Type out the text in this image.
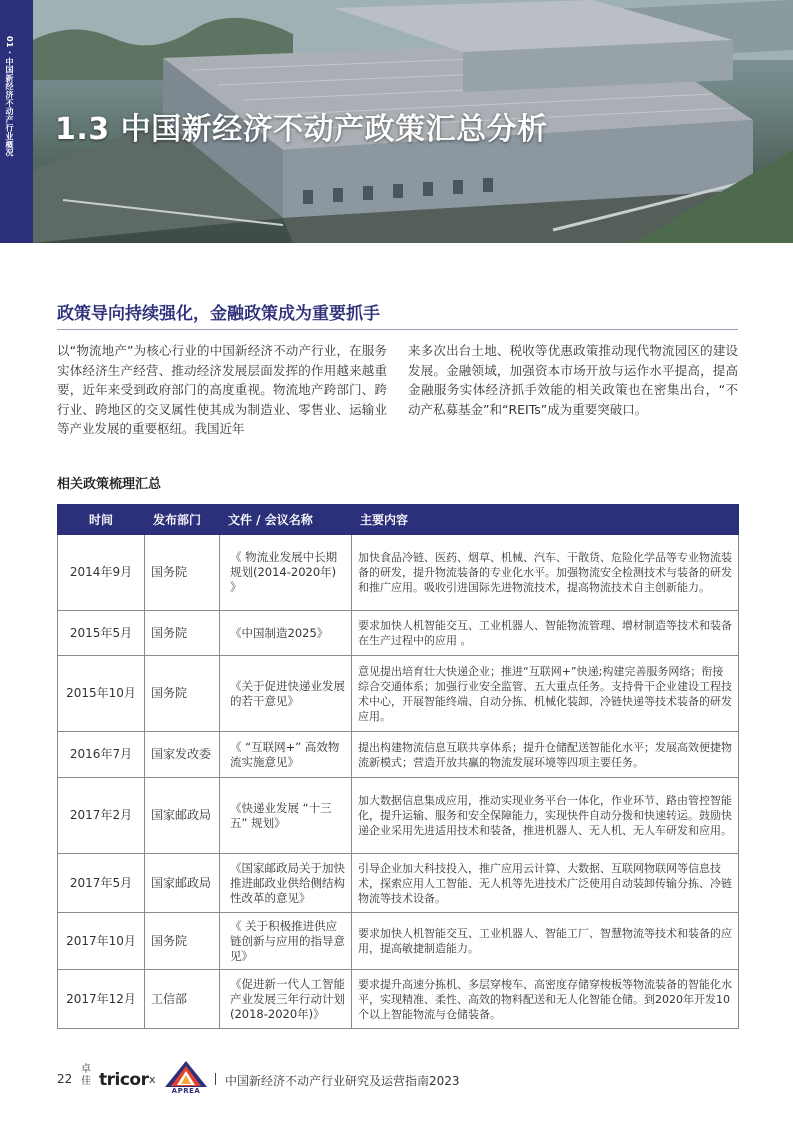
01 · 中国新经济不动产行业概况 1.3 中国新经济不动产政策汇总分析
政策导向持续强化，金融政策成为重要抓手
以“物流地产”为核心行业的中国新经济不动产行业，在服务实体经济生产经营、推动经济发展层面发挥的作用越来越重要，近年来受到政府部门的高度重视。物流地产跨部门、跨行业、跨地区的交叉属性使其成为制造业、零售业、运输业等产业发展的重要枢纽。我国近年
来多次出台土地、税收等优惠政策推动现代物流园区的建设发展。金融领域，加强资本市场开放与运作水平提高，提高金融服务实体经济抓手效能的相关政策也在密集出台，“不动产私募基金”和“REITs”成为重要突破口。
相关政策梳理汇总
时间	发布部门	文件 / 会议名称	主要内容
2014年9月	国务院	《 物流业发展中长期规划(2014-2020年) 》	加快食品冷链、医药、烟草、机械、汽车、干散货、危险化学品等专业物流装备的研发，提升物流装备的专业化水平。加强物流安全检测技术与装备的研发和推广应用。吸收引进国际先进物流技术，提高物流技术自主创新能力。
2015年5月	国务院	《中国制造2025》	要求加快人机智能交互、工业机器人、智能物流管理、增材制造等技术和装备在生产过程中的应用 。
2015年10月	国务院	《关于促进快递业发展的若干意见》	意见提出培育壮大快递企业；推进“互联网+”快递;构建完善服务网络；衔接综合交通体系；加强行业安全监管、五大重点任务。支持骨干企业建设工程技术中心，开展智能终端、自动分拣、机械化装卸、冷链快递等技术装备的研发应用。
2016年7月	国家发改委	《 “互联网+” 高效物流实施意见》	提出构建物流信息互联共享体系；提升仓储配送智能化水平；发展高效便捷物流新模式；营造开放共赢的物流发展环境等四项主要任务。
2017年2月	国家邮政局	《快递业发展 “十三五” 规划》	加大数据信息集成应用，推动实现业务平台一体化，作业环节、路由管控智能化，提升运输、服务和安全保障能力，实现快件自动分拨和快速转运。鼓励快递企业采用先进适用技术和装备，推进机器人、无人机、无人车研发和应用。
2017年5月	国家邮政局	《国家邮政局关于加快推进邮政业供给侧结构性改革的意见》	引导企业加大科技投入，推广应用云计算、大数据、互联网物联网等信息技术，探索应用人工智能、无人机等先进技术广泛使用自动装卸传输分拣、冷链物流等技术设备。
2017年10月	国务院	《 关于积极推进供应链创新与应用的指导意见》	要求加快人机智能交互、工业机器人、智能工厂、智慧物流等技术和装备的应用，提高敏捷制造能力。
2017年12月	工信部	《促进新一代人工智能产业发展三年行动计划(2018-2020年)》	要求提升高速分拣机、多层穿梭车、高密度存储穿梭板等物流装备的智能化水平，实现精准、柔性、高效的物料配送和无人化智能仓储。到2020年开发10个以上智能物流与仓储装备。
22
卓佳 tricor x
APREA
中国新经济不动产行业研究及运营指南2023
